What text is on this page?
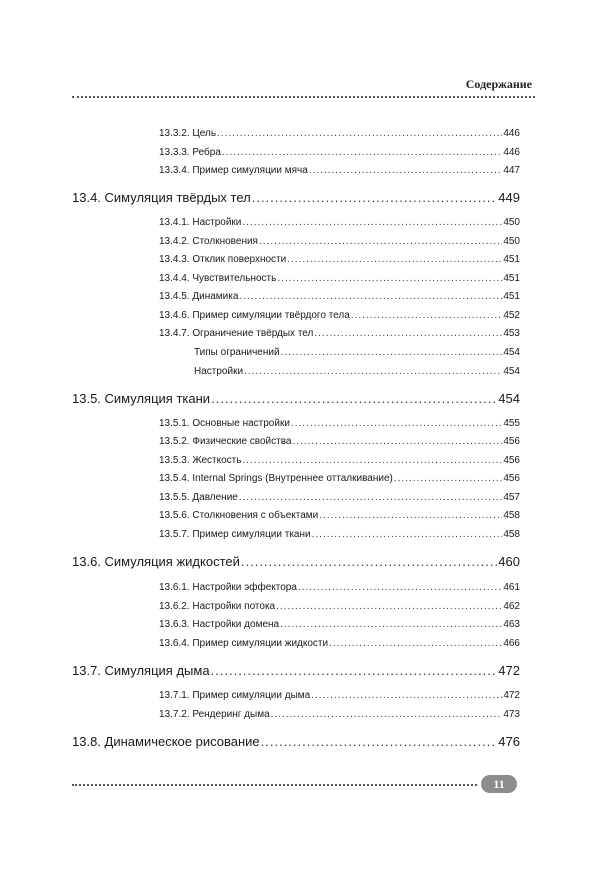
Содержание
13.3.2. Цель .....	446
13.3.3. Ребра .....	446
13.3.4. Пример симуляции мяча .....	447
13.4. Симуляция твёрдых тел .....	449
13.4.1. Настройки .....	450
13.4.2. Столкновения .....	450
13.4.3. Отклик поверхности .....	451
13.4.4. Чувствительность .....	451
13.4.5. Динамика .....	451
13.4.6. Пример симуляции твёрдого тела .....	452
13.4.7. Ограничение твёрдых тел .....	453
Типы ограничений .....	454
Настройки .....	454
13.5. Симуляция ткани .....	454
13.5.1. Основные настройки .....	455
13.5.2. Физические свойства .....	456
13.5.3. Жесткость .....	456
13.5.4. Internal Springs (Внутреннее отталкивание) .....	456
13.5.5. Давление .....	457
13.5.6. Столкновения с объектами .....	458
13.5.7. Пример симуляции ткани .....	458
13.6. Симуляция жидкостей .....	460
13.6.1. Настройки эффектора .....	461
13.6.2. Настройки потока .....	462
13.6.3. Настройки домена .....	463
13.6.4. Пример симуляции жидкости .....	466
13.7. Симуляция дыма .....	472
13.7.1. Пример симуляции дыма .....	472
13.7.2. Рендеринг дыма .....	473
13.8. Динамическое рисование .....	476
11
